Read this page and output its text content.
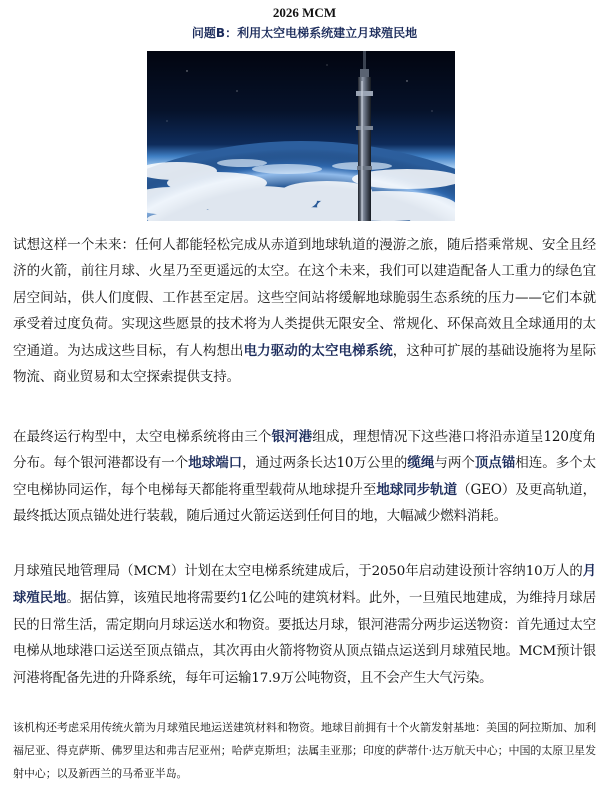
2026 MCM
问题B：利用太空电梯系统建立月球殖民地

试想这样一个未来：任何人都能轻松完成从赤道到地球轨道的漫游之旅，随后搭乘常规、安全且经济的火箭，前往月球、火星乃至更遥远的太空。在这个未来，我们可以建造配备人工重力的绿色宜居空间站，供人们度假、工作甚至定居。这些空间站将缓解地球脆弱生态系统的压力——它们本就承受着过度负荷。实现这些愿景的技术将为人类提供无限安全、常规化、环保高效且全球通用的太空通道。为达成这些目标，有人构想出电力驱动的太空电梯系统，这种可扩展的基础设施将为星际物流、商业贸易和太空探索提供支持。

在最终运行构型中，太空电梯系统将由三个银河港组成，理想情况下这些港口将沿赤道呈120度角分布。每个银河港都设有一个地球端口，通过两条长达10万公里的缆绳与两个顶点锚相连。多个太空电梯协同运作，每个电梯每天都能将重型载荷从地球提升至地球同步轨道（GEO）及更高轨道，最终抵达顶点锚处进行装载，随后通过火箭运送到任何目的地，大幅减少燃料消耗。

月球殖民地管理局（MCM）计划在太空电梯系统建成后，于2050年启动建设预计容纳10万人的月球殖民地。据估算，该殖民地将需要约1亿公吨的建筑材料。此外，一旦殖民地建成，为维持月球居民的日常生活，需定期向月球运送水和物资。要抵达月球，银河港需分两步运送物资：首先通过太空电梯从地球港口运送至顶点锚点，其次再由火箭将物资从顶点锚点运送到月球殖民地。MCM预计银河港将配备先进的升降系统，每年可运输17.9万公吨物资，且不会产生大气污染。

该机构还考虑采用传统火箭为月球殖民地运送建筑材料和物资。地球目前拥有十个火箭发射基地：美国的阿拉斯加、加利福尼亚、得克萨斯、佛罗里达和弗吉尼亚州；哈萨克斯坦；法属圭亚那；印度的萨蒂什·达万航天中心；中国的太原卫星发射中心；以及新西兰的马希亚半岛。
